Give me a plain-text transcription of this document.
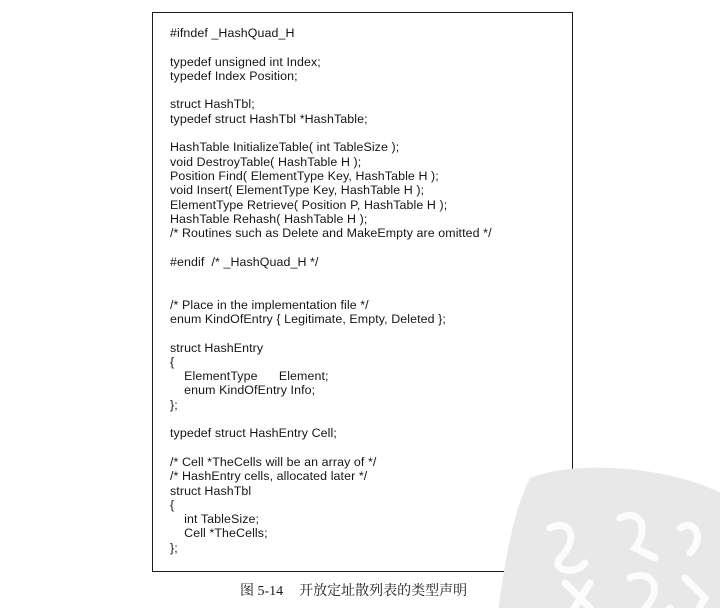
#ifndef _HashQuad_H
typedef unsigned int Index;
typedef Index Position;
struct HashTbl;
typedef struct HashTbl *HashTable;
HashTable InitializeTable( int TableSize );
void DestroyTable( HashTable H );
Position Find( ElementType Key, HashTable H );
void Insert( ElementType Key, HashTable H );
ElementType Retrieve( Position P, HashTable H );
HashTable Rehash( HashTable H );
/* Routines such as Delete and MakeEmpty are omitted */
#endif  /* _HashQuad_H */
/* Place in the implementation file */
enum KindOfEntry { Legitimate, Empty, Deleted };
struct HashEntry
{
ElementType      Element;
enum KindOfEntry Info;
};
typedef struct HashEntry Cell;
/* Cell *TheCells will be an array of */
/* HashEntry cells, allocated later */
struct HashTbl
{
int TableSize;
Cell *TheCells;
};
图 5-14 开放定址散列表的类型声明
